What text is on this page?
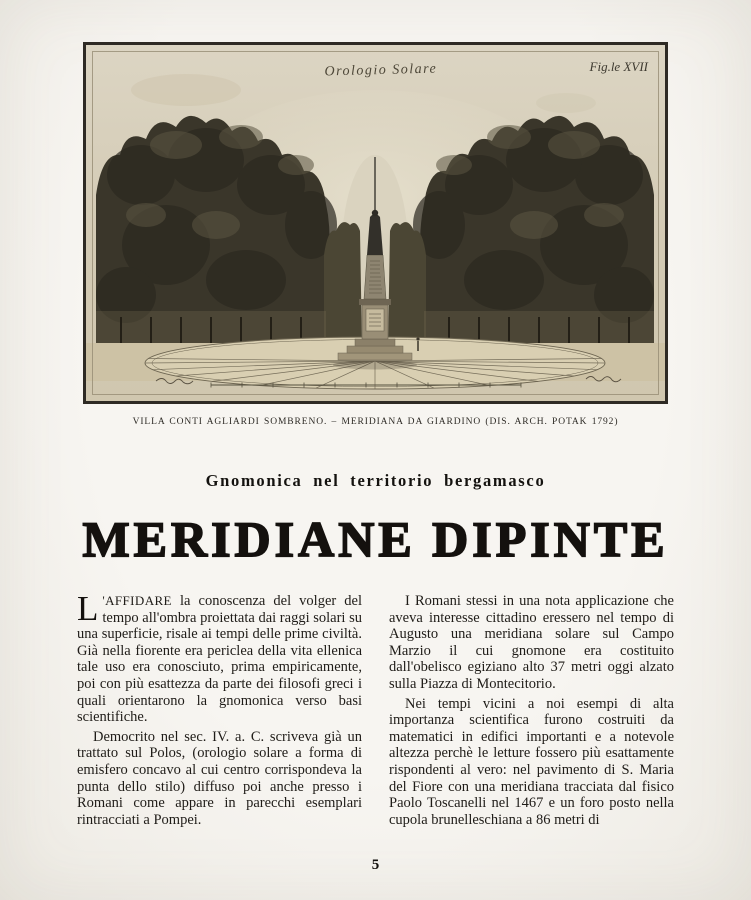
Orologio Solare	Fig.le XVII
VILLA CONTI AGLIARDI SOMBRENO. – MERIDIANA DA GIARDINO (DIS. ARCH. POTAK 1792)
Gnomonica nel territorio bergamasco
MERIDIANE DIPINTE

L 'AFFIDARE la conoscenza del volger del tempo all'ombra proiettata dai raggi solari su una superficie, risale ai tempi delle prime civiltà. Già nella fiorente era periclea della vita ellenica tale uso era conosciuto, prima empiricamente, poi con più esattezza da parte dei filosofi greci i quali orientarono la gnomonica verso basi scientifiche.

Democrito nel sec. IV. a. C. scriveva già un trattato sul Polos, (orologio solare a forma di emisfero concavo al cui centro corrispondeva la punta dello stilo) diffuso poi anche presso i Romani come appare in parecchi esemplari rintracciati a Pompei.

I Romani stessi in una nota applicazione che aveva interesse cittadino eressero nel tempo di Augusto una meridiana solare sul Campo Marzio il cui gnomone era costituito dall'obelisco egiziano alto 37 metri oggi alzato sulla Piazza di Montecitorio.

Nei tempi vicini a noi esempi di alta importanza scientifica furono costruiti da matematici in edifici importanti e a notevole altezza perchè le letture fossero più esattamente rispondenti al vero: nel pavimento di S. Maria del Fiore con una meridiana tracciata dal fisico Paolo Toscanelli nel 1467 e un foro posto nella cupola brunelleschiana a 86 metri di

5
